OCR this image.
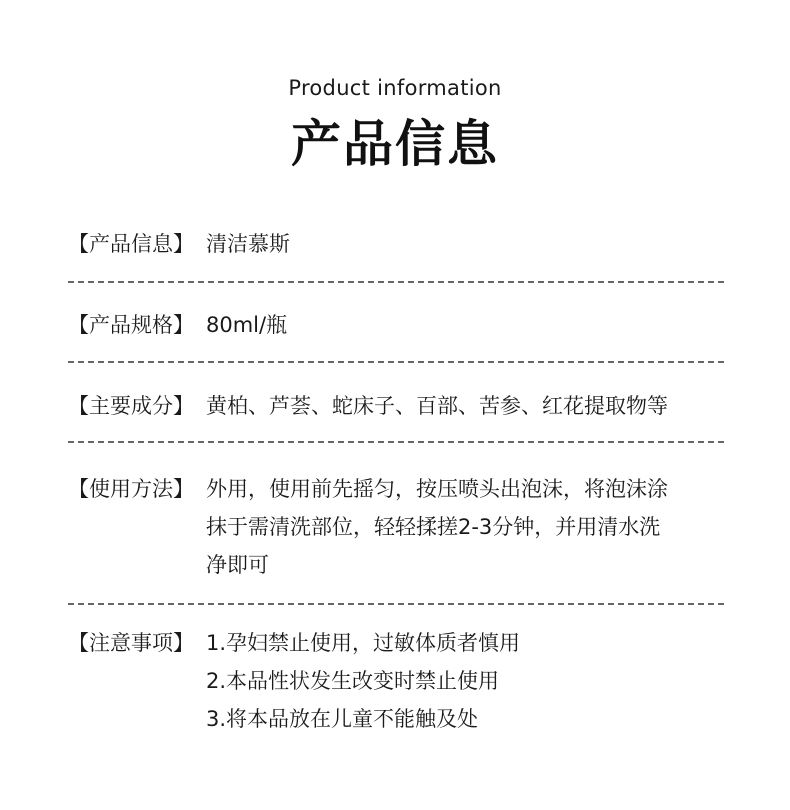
Product information
产品信息
【产品信息】 清洁慕斯
【产品规格】 80ml/瓶
【主要成分】 黄柏、芦荟、蛇床子、百部、苦参、红花提取物等
【使用方法】 外用，使用前先摇匀，按压喷头出泡沫，将泡沫涂
抹于需清洗部位，轻轻揉搓2-3分钟，并用清水洗
净即可
【注意事项】 1.孕妇禁止使用，过敏体质者慎用
2.本品性状发生改变时禁止使用
3.将本品放在儿童不能触及处
